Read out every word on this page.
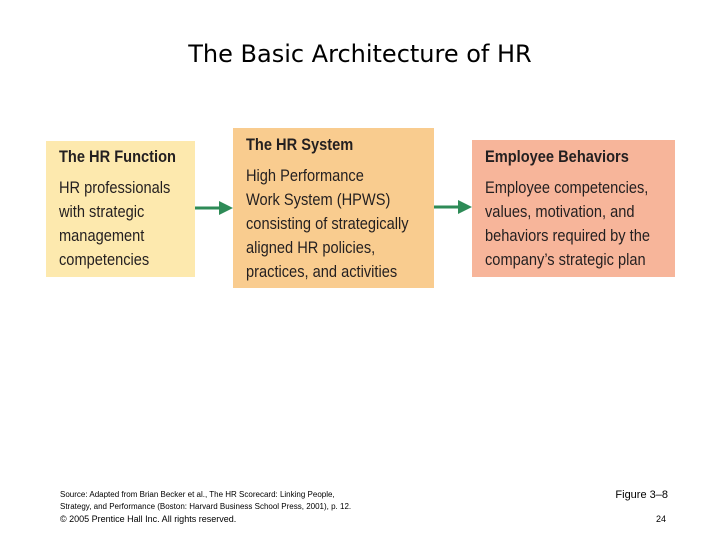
The Basic Architecture of HR
The HR Function
HR professionals
with strategic
management
competencies
The HR System
High Performance
Work System (HPWS)
consisting of strategically
aligned HR policies,
practices, and activities
Employee Behaviors
Employee competencies,
values, motivation, and
behaviors required by the
company’s strategic plan
Source: Adapted from Brian Becker et al., The HR Scorecard: Linking People,
Strategy, and Performance (Boston: Harvard Business School Press, 2001), p. 12.
Figure 3–8
© 2005 Prentice Hall Inc. All rights reserved.	24
